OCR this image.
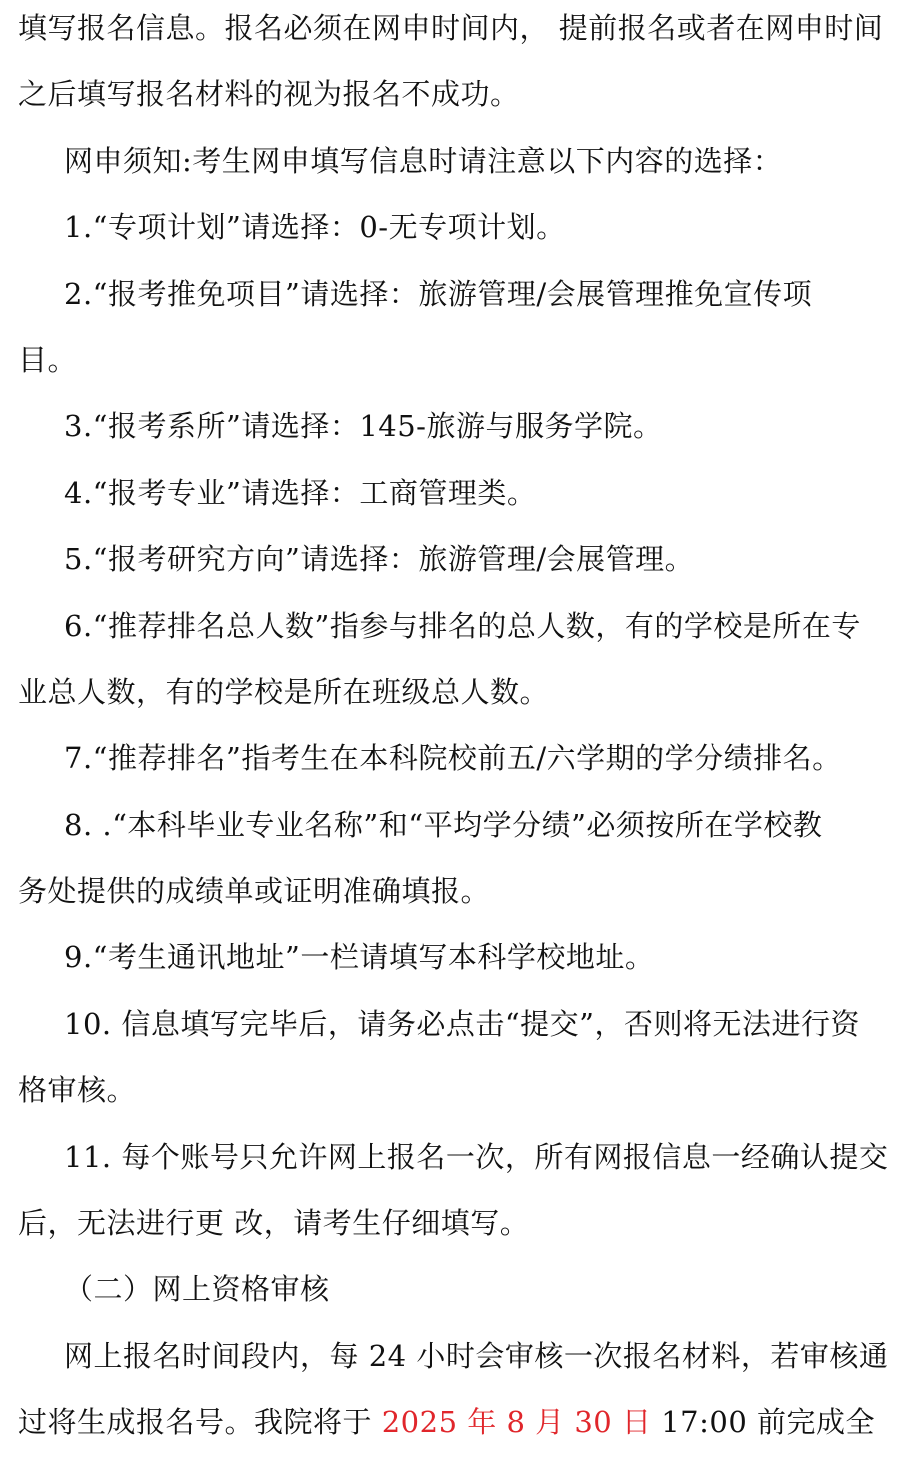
填写报名信息。报名必须在网申时间内， 提前报名或者在网申时间
之后填写报名材料的视为报名不成功。
网申须知:考生网申填写信息时请注意以下内容的选择：
1.“专项计划”请选择：0-无专项计划。
2.“报考推免项目”请选择：旅游管理/会展管理推免宣传项
目。
3.“报考系所”请选择：145-旅游与服务学院。
4.“报考专业”请选择：工商管理类。
5.“报考研究方向”请选择：旅游管理/会展管理。
6.“推荐排名总人数”指参与排名的总人数，有的学校是所在专
业总人数，有的学校是所在班级总人数。
7.“推荐排名”指考生在本科院校前五/六学期的学分绩排名。
8. .“本科毕业专业名称”和“平均学分绩”必须按所在学校教
务处提供的成绩单或证明准确填报。
9.“考生通讯地址”一栏请填写本科学校地址。
10. 信息填写完毕后，请务必点击“提交”，否则将无法进行资
格审核。
11. 每个账号只允许网上报名一次，所有网报信息一经确认提交
后，无法进行更 改，请考生仔细填写。
（二）网上资格审核
网上报名时间段内，每 24 小时会审核一次报名材料，若审核通
过将生成报名号。我院将于 2025 年 8 月 30 日 17:00 前完成全
